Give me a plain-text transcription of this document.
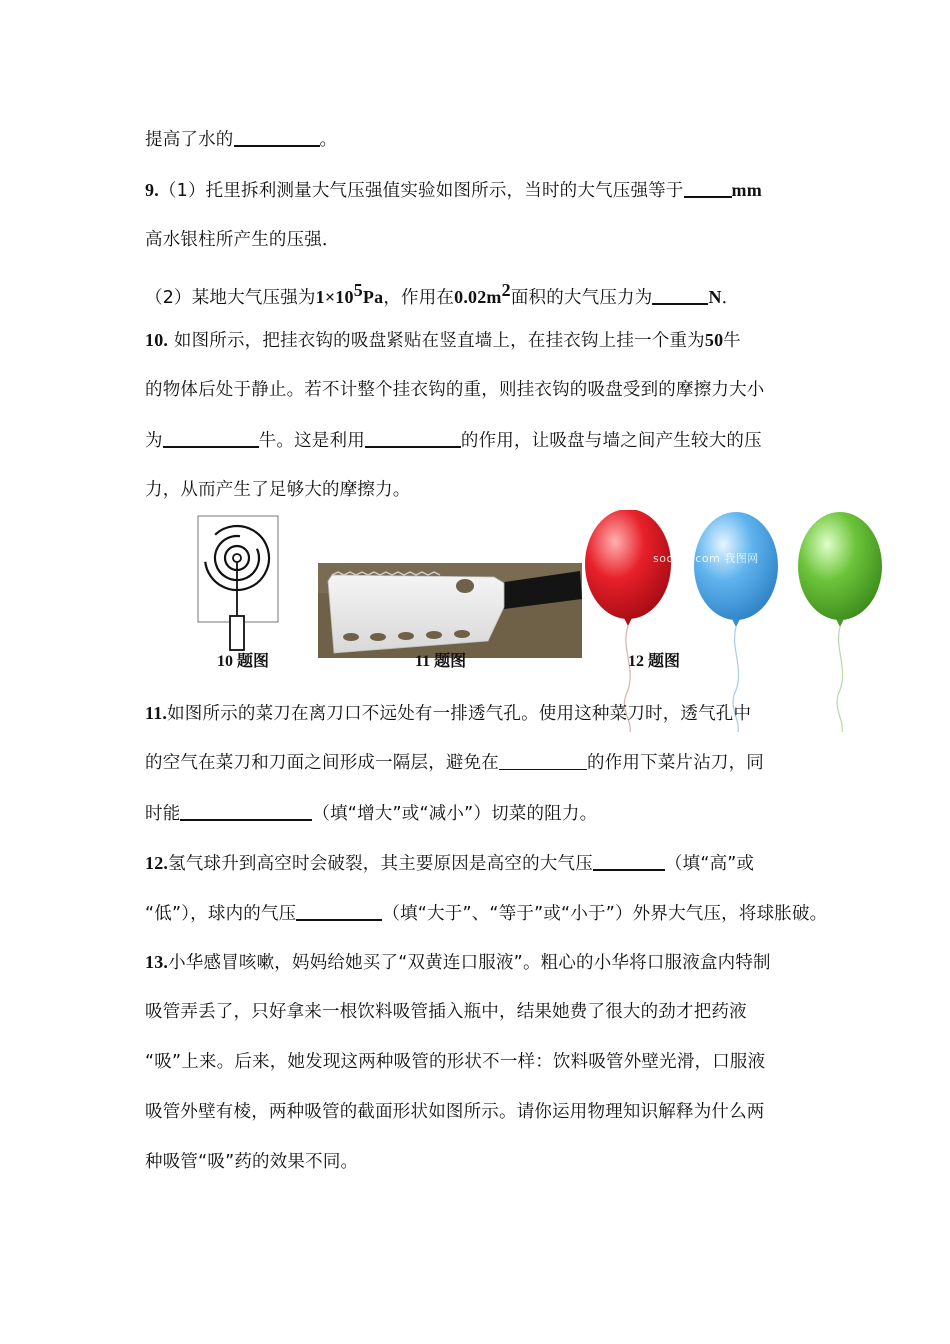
提高了水的	。
9.（1）托里拆利测量大气压强值实验如图所示，当时的大气压强等于	mm
高水银柱所产生的压强．
（2）某地大气压强为$1\times 10^5Pa$，作用在$0.02m^2$面积的大气压力为	N．
10. 如图所示，把挂衣钩的吸盘紧贴在竖直墙上，在挂衣钩上挂一个重为50牛
的物体后处于静止。若不计整个挂衣钩的重，则挂衣钩的吸盘受到的摩擦力大小
为	牛。这是利用	的作用，让吸盘与墙之间产生较大的压
力，从而产生了足够大的摩擦力。
soopic.com 我图网
10 题图	11 题图	12 题图
11.如图所示的菜刀在离刀口不远处有一排透气孔。使用这种菜刀时，透气孔中
的空气在菜刀和刀面之间形成一隔层，避免在	的作用下菜片沾刀，同
时能	（填“增大”或“减小”）切菜的阻力。
12.氢气球升到高空时会破裂，其主要原因是高空的大气压	（填“高”或
“低”），球内的气压	（填“大于”、“等于”或“小于”）外界大气压，将球胀破。
13.小华感冒咳嗽，妈妈给她买了“双黄连口服液”。粗心的小华将口服液盒内特制
吸管弄丢了，只好拿来一根饮料吸管插入瓶中，结果她费了很大的劲才把药液
“吸”上来。后来，她发现这两种吸管的形状不一样：饮料吸管外壁光滑，口服液
吸管外壁有棱，两种吸管的截面形状如图所示。请你运用物理知识解释为什么两
种吸管“吸”药的效果不同。
